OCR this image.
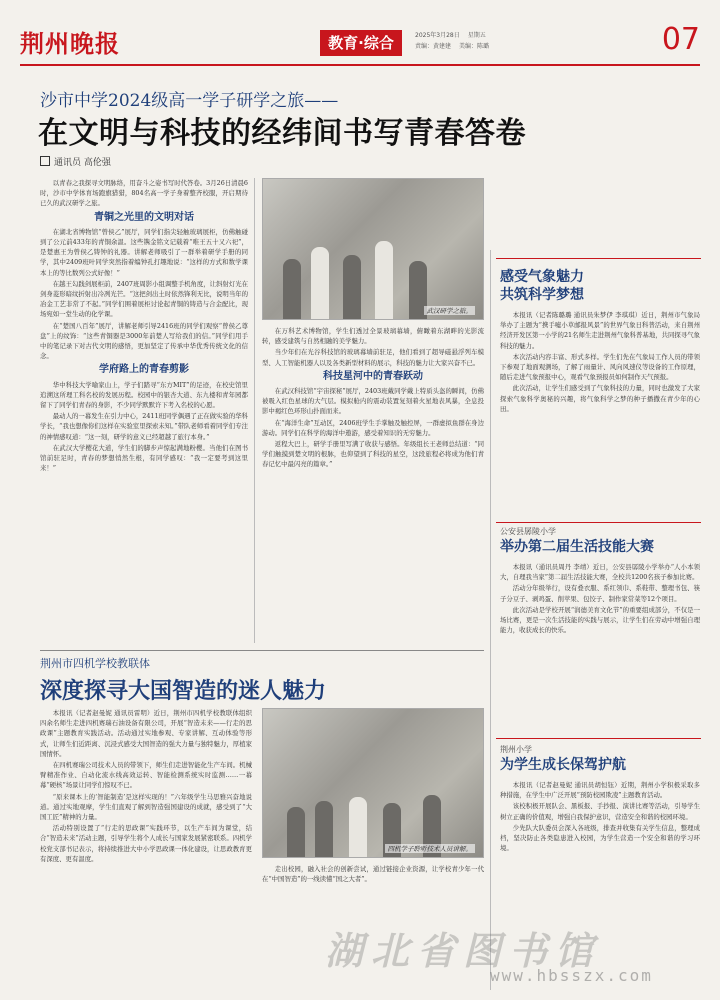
荆州晚报	教育·综合	2025年3月28日 星期五
责编：黄建建 美编：陈璐	07
沙市中学2024级高一学子研学之旅——
在文明与科技的经纬间书写青春答卷
通讯员 高伦强

以青春之我探寻文明脉络，用奋斗之姿书写时代答卷。3月26日清晨6时，沙市中学体育场跑旗猎猎，804名高一学子身着整齐校服，开启期待已久的武汉研学之旅。

青铜之光里的文明对话

在湖北省博物馆“曾侯乙”展厅，同学们指尖轻触玻璃展柜，仿佛触碰到了公元前433年的青铜余温。这些镌金铭文记载着“唯王五十又六祀”，是楚惠王为曾侯乙铸钟的礼器。讲解老师吸引了一群举着研学手册的同学，其中2409班叶同学突然指着编钟孔打趣地说：“这样的方式和数学课本上的等比数列公式好像！”

在越王勾践剑展柜前，2407班周影小组调整手机角度，让斜射灯光在剑身菱形暗纹折射出冷冽光芒。“这把剑出土时依然锋利无比，说明当年的冶金工艺非常了不起。”同学们围着展柜讨论起青铜的铸造与合金配比，现场宛如一堂生动的化学课。

在“楚国八百年”展厅，讲解老师引导2416班的同学们观察“曾侯乙尊盘”上的纹饰：“这些青铜器是3000年前楚人写给我们的信。”同学们用手中的笔记录下对古代文明的感悟，更加坚定了传承中华优秀传统文化的信念。

学府路上的青春剪影

华中科技大学喻家山上，学子们踏寻“东方MIT”的足迹，在校史馆里追溯这所理工科名校的发展历程。校园中的银杏大道、东九楼和青年园都留下了同学们青春的身影，不少同学默默许下考入名校的心愿。

最动人的一幕发生在引力中心，2411班同学偶遇了正在做实验的华科学长，“我也想像你们这样在实验室里探索未知。”带队老师看着同学们专注的神情感叹道：“这一刻，研学的意义已经超越了旅行本身。”

在武汉大学樱花大道，学生们的脚步声惊起满地粉樱。当他们在图书馆前驻足时，青春的梦想悄然生根，有同学感叹：“我一定要考到这里来！”

武汉研学之旅。

在万科艺术博物馆，学生们透过全景玻璃幕墙，俯瞰着东湖畔的光影流转，感受建筑与自然相融的美学魅力。

当少年们在光谷科技馆的玻璃幕墙前驻足，他们看到了超导磁悬浮列车模型、人工智能机器人以及各类新型材料的展示，科技的魅力让大家兴奋不已。

科技星河中的青春跃动

在武汉科技馆“宇宙探秘”展厅，2403班戴同学戴上特质头盔的瞬间，仿佛被吸入红色星球的大气层。模拟舱内的震动装置复刻着火星地表风暴，全息投影中褐红色环形山扑面而来。

在“海洋生命”互动区，2406班学生手掌触及触控屏，一群虚拟鱼群在身边游动。同学们在科学的海洋中遨游，感受着知识的无穷魅力。

返程大巴上，研学手册里写满了收获与感悟。年级组长王老师总结道：“同学们触摸到楚文明的根脉，也仰望到了科技的星空，这段旅程必将成为他们青春记忆中最闪亮的篇章。”

感受气象魅力
共筑科学梦想

本报讯（记者陈璐璐 通讯员朱梦伊 李琪琪）近日，荆州市气象局举办了主题为“携手嘘小草邮报风景”的世界气象日科普活动，来自荆州经济开发区第一小学的21名师生走进荆州气象科普基地，共同探寻气象科技的魅力。

本次活动内容丰富、形式多样。学生们先在气象局工作人员的带领下参观了地面观测场，了解了雨量计、风向风速仪等设备的工作原理，随后走进气象预报中心，观看气象预报员如何制作天气预报。

此次活动，让学生们感受到了气象科技的力量，同时也激发了大家探索气象科学奥秘的兴趣，将气象科学之梦的种子播撒在青少年的心田。

公安县孱陵小学
举办第二届生活技能大赛

本报讯（通讯员周丹 李靖）近日，公安县孱陵小学举办“人小本领大，自理我当家”第二届生活技能大赛，全校共1200名孩子参加比赛。

活动分年级举行，设有叠衣服、系红领巾、系鞋带、整理书包、筷子分豆子、剥鸡蛋、削苹果、包饺子、制作家常菜等12个项目。

此次活动是学校开展“润德美育文化节”的重要组成部分，不仅是一场比赛，更是一次生活技能的实践与展示，让学生们在劳动中增强自理能力，收获成长的快乐。

荆州小学
为学生成长保驾护航

本报讯（记者赵曼妮 通讯员胡恒钰）近期，荆州小学积极采取多种措施，在学生中广泛开展“预防校园欺凌”主题教育活动。

该校积极开展队会、黑板报、手抄报、演讲比赛等活动，引导学生树立正确的价值观，增强自我保护意识，营造安全和谐的校园环境。

少先队大队委员会深入各班级，排查并收集有关学生信息，整理成档，坚决防止各类隐患进入校园，为学生营造一个安全和谐的学习环境。

荆州市四机学校教联体
深度探寻大国智造的迷人魅力

本报讯（记者赵曼妮 通讯员雷明）近日，荆州市四机学校教联体组织四余名师生走进四机赛瑞石油设备有限公司，开展“智造未来——行走的思政课”主题教育实践活动。活动通过实地参观、专家讲解、互动体验等形式，让师生们近距离、沉浸式感受大国智造的强大力量与独特魅力，厚植家国情怀。

在四机赛瑞公司技术人员的带领下，师生们走进智能化生产车间。机械臂精准作业、自动化流水线高效运转、智能检测系统实时监测……一幕幕“硬核”场景让同学们惊叹不已。

“原来课本上的‘智能制造’是这样实现的！”六年级学生马思雅兴奋地说道。通过实地观摩，学生们直观了解到智造强国建设的成就，感受到了“大国工匠”精神的力量。

活动特别设置了“行走的思政课”实践环节，以生产车间为课堂，结合“智造未来”活动主题，引导学生将个人成长与国家发展紧密联系。四机学校党支部书记表示，将持续推进大中小学思政课一体化建设，让思政教育更有深度、更有温度。

四机学子聆听技术人员讲解。

走出校园，融入社会的创新尝试，通过链接企业资源，让学校青少年一代在“中国智造”的一线读懂“国之大者”。

湖北省图书馆
www.hbsszx.com
